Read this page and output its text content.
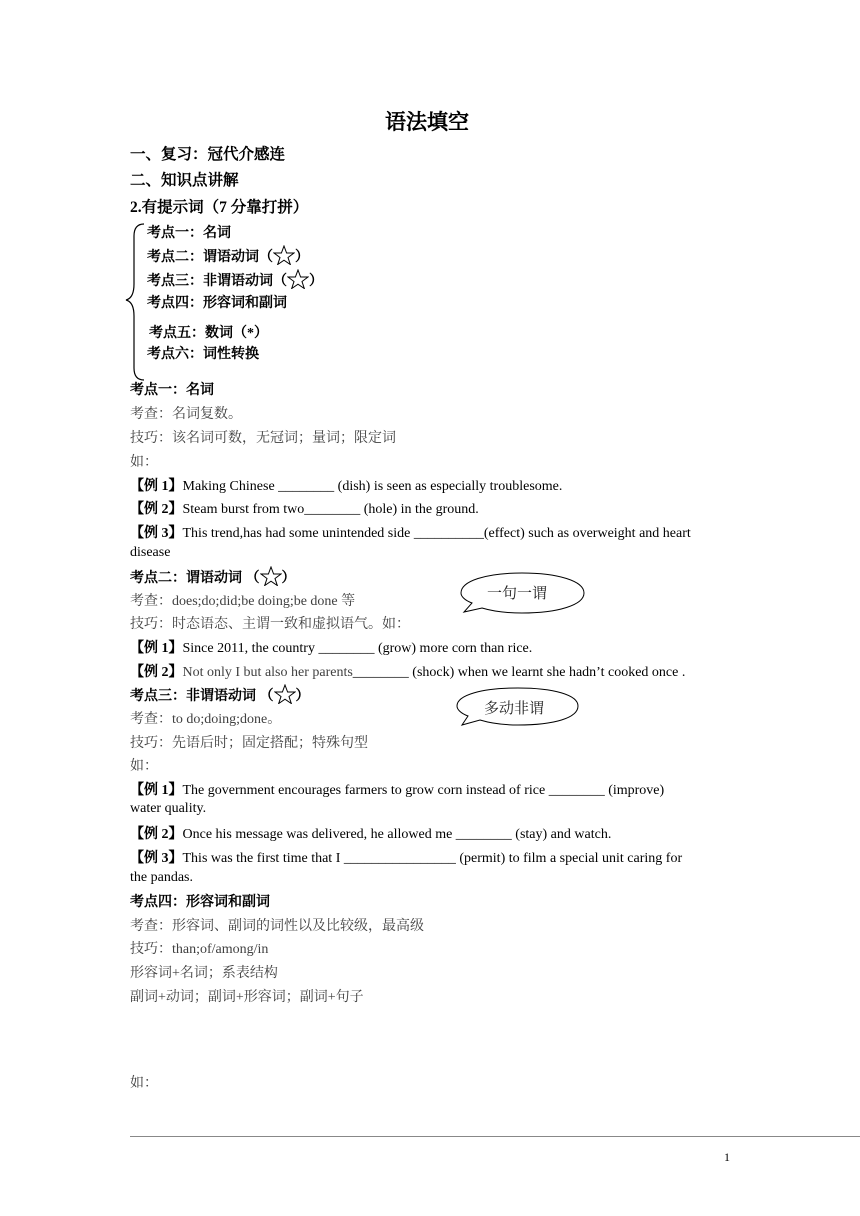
语法填空
一、复习：冠代介感连
二、知识点讲解
2.有提示词（7 分靠打拼）
考点一：名词
考点二：谓语动词（ ）
考点三：非谓语动词（ ）
考点四：形容词和副词
考点五：数词（*）
考点六：词性转换
考点一：名词
考查：名词复数。
技巧：该名词可数，无冠词；量词；限定词
如：
【例 1】Making Chinese ________ (dish) is seen as especially troublesome.
【例 2】Steam burst from two________ (hole) in the ground.
【例 3】This trend,has had some unintended side __________(effect) such as overweight and heart
disease
考点二：谓语动词 （ ）
考查：does;do;did;be doing;be done 等
技巧：时态语态、主谓一致和虚拟语气。如：
一句一谓
【例 1】Since 2011, the country ________ (grow) more corn than rice.
【例 2】Not only I but also her parents________ (shock) when we learnt she hadn’t cooked once .
考点三：非谓语动词 （ ）
考查：to do;doing;done。
技巧：先语后时；固定搭配；特殊句型
如：
多动非谓
【例 1】The government encourages farmers to grow corn instead of rice ________ (improve)
water quality.
【例 2】Once his message was delivered, he allowed me ________ (stay) and watch.
【例 3】This was the first time that I ________________ (permit) to film a special unit caring for
the pandas.
考点四：形容词和副词
考查：形容词、副词的词性以及比较级，最高级
技巧：than;of/among/in
形容词+名词；系表结构
副词+动词；副词+形容词；副词+句子
如：
1
